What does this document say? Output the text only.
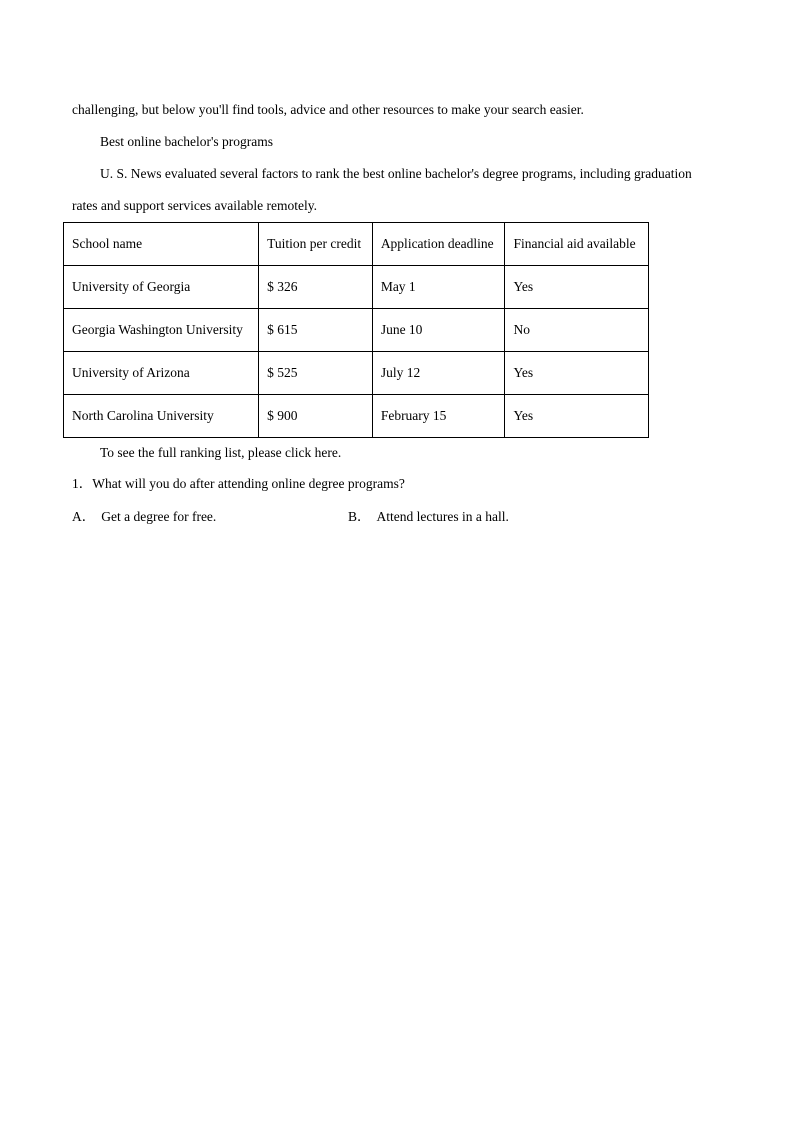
challenging, but below you'll find tools, advice and other resources to make your search easier.
Best online bachelor's programs
U. S. News evaluated several factors to rank the best online bachelor's degree programs, including graduation
rates and support services available remotely.
School name	Tuition per credit	Application deadline	Financial aid available
University of Georgia	$ 326	May 1	Yes
Georgia Washington University	$ 615	June 10	No
University of Arizona	$ 525	July 12	Yes
North Carolina University	$ 900	February 15	Yes
To see the full ranking list, please click here.
1．What will you do after attending online degree programs?
A． Get a degree for free.	B． Attend lectures in a hall.
